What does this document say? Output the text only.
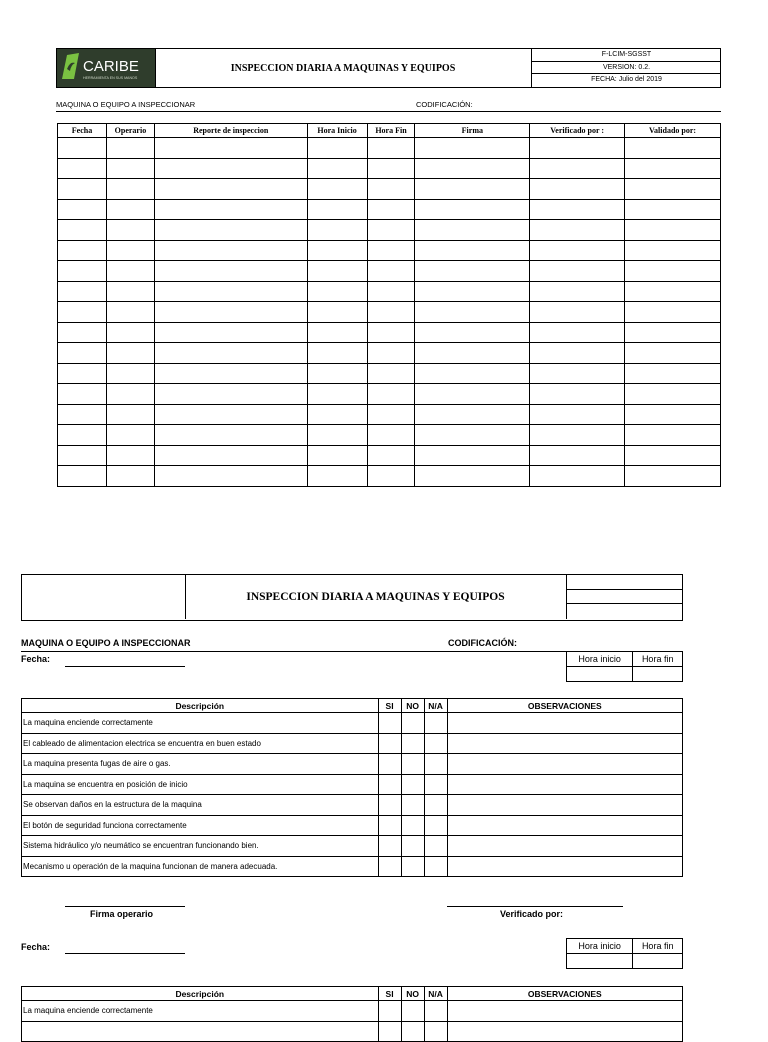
CARIBE
HERRAMIENTA EN SUS MANOS
INSPECCION DIARIA A MAQUINAS Y EQUIPOS
F-LCIM-SGSST
VERSION: 0.2.
FECHA: Julio del 2019
MAQUINA O EQUIPO A INSPECCIONAR	CODIFICACIÓN:
Fecha	Operario	Reporte de inspeccion	Hora Inicio	Hora Fin	Firma	Verificado por :	Validado por:

INSPECCION DIARIA A MAQUINAS Y EQUIPOS
MAQUINA O EQUIPO A INSPECCIONAR	CODIFICACIÓN:
Fecha:	Hora inicio	Hora fin

Descripción	SI	NO	N/A	OBSERVACIONES
La maquina enciende correctamente				
El cableado de alimentacion electrica se encuentra en buen estado				
La maquina presenta fugas de aire o gas.				
La maquina se encuentra en posición de inicio				
Se observan daños en la estructura de la maquina				
El botón de seguridad funciona correctamente				
Sistema hidráulico y/o neumático se encuentran funcionando bien.				
Mecanismo u operación de la maquina funcionan de manera adecuada.				
Firma operario	Verificado por:
Fecha:	Hora inicio	Hora fin

Descripción	SI	NO	N/A	OBSERVACIONES
La maquina enciende correctamente				
